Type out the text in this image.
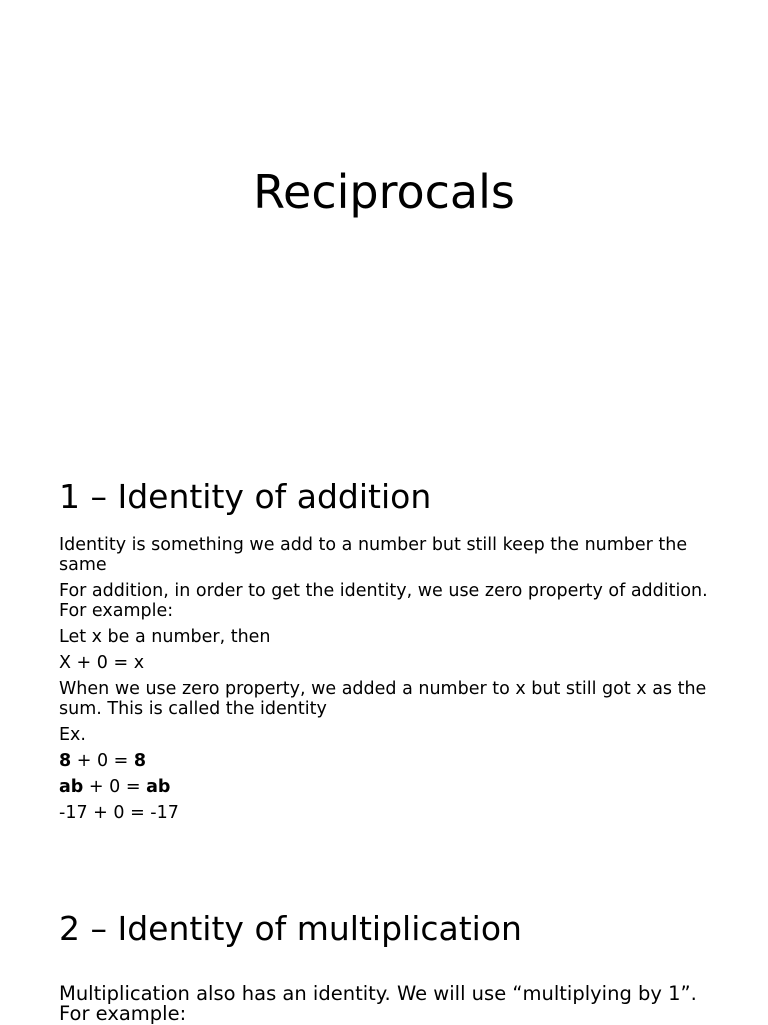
Reciprocals
1 – Identity of addition

Identity is something we add to a number but still keep the number the same

For addition, in order to get the identity, we use zero property of addition. For example:

Let x be a number, then

X + 0 = x

When we use zero property, we added a number to x but still got x as the sum. This is called the identity

Ex.

8 + 0 = 8

ab + 0 = ab

-17 + 0 = -17

2 – Identity of multiplication

Multiplication also has an identity. We will use “multiplying by 1”. For example:
